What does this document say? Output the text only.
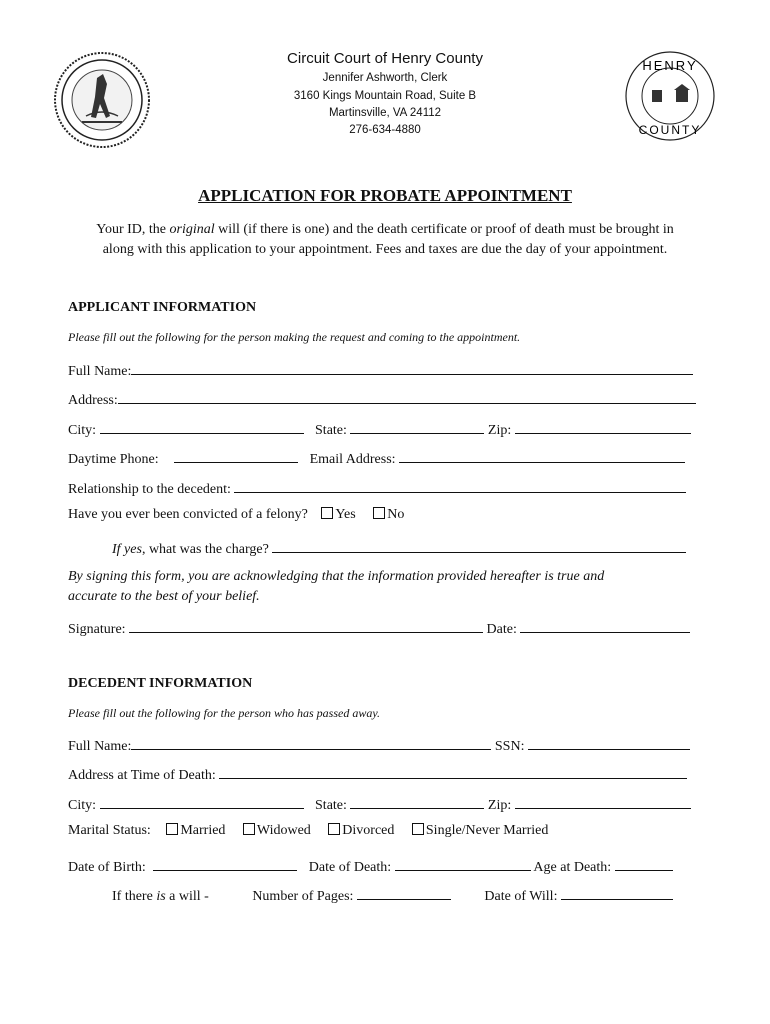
HENRY
COUNTY
Circuit Court of Henry County
Jennifer Ashworth, Clerk
3160 Kings Mountain Road, Suite B
Martinsville, VA 24112
276-634-4880
APPLICATION FOR PROBATE APPOINTMENT
Your ID, the original will (if there is one) and the death certificate or proof of death must be brought in
along with this application to your appointment. Fees and taxes are due the day of your appointment.
APPLICANT INFORMATION
Please fill out the following for the person making the request and coming to the appointment.
Full Name:
Address:
City:	State:	Zip:
Daytime Phone:	Email Address:
Relationship to the decedent:
Have you ever been convicted of a felony? Yes No
If yes, what was the charge?
By signing this form, you are acknowledging that the information provided hereafter is true and
accurate to the best of your belief.
Signature:	Date:
DECEDENT INFORMATION
Please fill out the following for the person who has passed away.
Full Name:	SSN:
Address at Time of Death:
City:	State:	Zip:
Marital Status: Married Widowed Divorced Single/Never Married
Date of Birth:	Date of Death:	Age at Death:
If there is a will -	Number of Pages:	Date of Will:
